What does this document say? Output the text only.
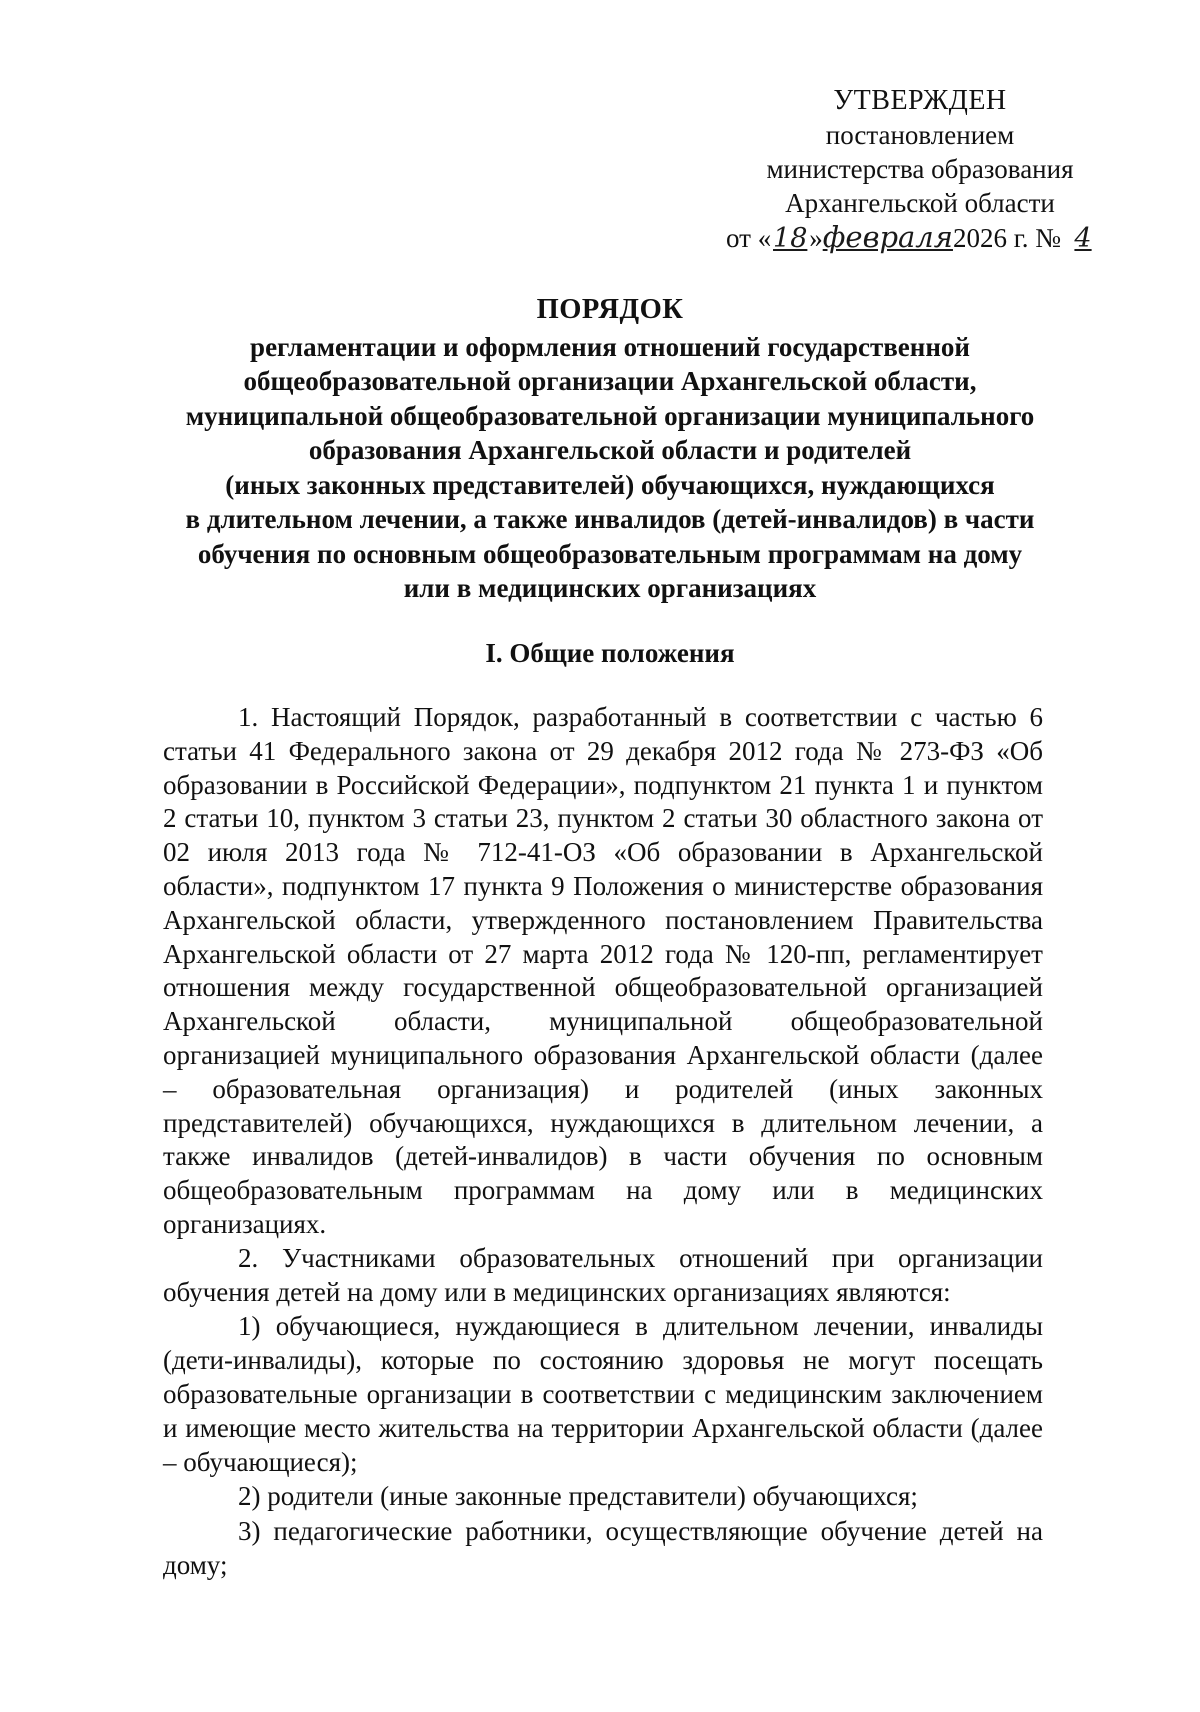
УТВЕРЖДЕН
постановлением
министерства образования
Архангельской области
от «18»февраля2026 г. № 4
ПОРЯДОК
регламентации и оформления отношений государственной
общеобразовательной организации Архангельской области,
муниципальной общеобразовательной организации муниципального
образования Архангельской области и родителей
(иных законных представителей) обучающихся, нуждающихся
в длительном лечении, а также инвалидов (детей-инвалидов) в части
обучения по основным общеобразовательным программам на дому
или в медицинских организациях
I. Общие положения

1. Настоящий Порядок, разработанный в соответствии с частью 6 статьи 41 Федерального закона от 29 декабря 2012 года № 273-ФЗ «Об образовании в Российской Федерации», подпунктом 21 пункта 1 и пунктом 2 статьи 10, пунктом 3 статьи 23, пунктом 2 статьи 30 областного закона от 02 июля 2013 года № 712-41-ОЗ «Об образовании в Архангельской области», подпунктом 17 пункта 9 Положения о министерстве образования Архангельской области, утвержденного постановлением Правительства Архангельской области от 27 марта 2012 года № 120-пп, регламентирует отношения между государственной общеобразовательной организацией Архангельской области, муниципальной общеобразовательной организацией муниципального образования Архангельской области (далее – образовательная организация) и родителей (иных законных представителей) обучающихся, нуждающихся в длительном лечении, а также инвалидов (детей-инвалидов) в части обучения по основным общеобразовательным программам на дому или в медицинских организациях.

2. Участниками образовательных отношений при организации обучения детей на дому или в медицинских организациях являются:

1) обучающиеся, нуждающиеся в длительном лечении, инвалиды (дети-инвалиды), которые по состоянию здоровья не могут посещать образовательные организации в соответствии с медицинским заключением и имеющие место жительства на территории Архангельской области (далее – обучающиеся);

2) родители (иные законные представители) обучающихся;

3) педагогические работники, осуществляющие обучение детей на дому;
